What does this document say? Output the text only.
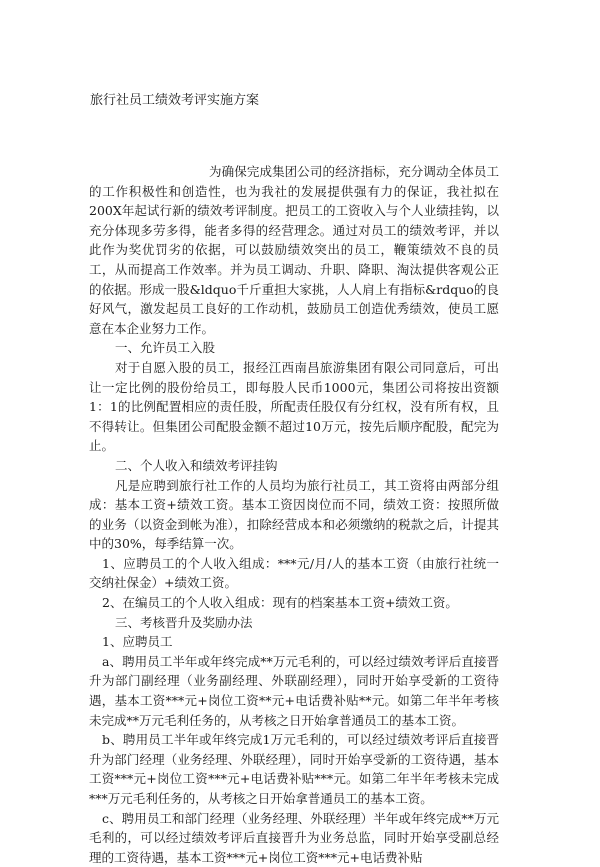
旅行社员工绩效考评实施方案

为确保完成集团公司的经济指标，充分调动全体员工的工作积极性和创造性，也为我社的发展提供强有力的保证，我社拟在200X年起试行新的绩效考评制度。把员工的工资收入与个人业绩挂钩，以充分体现多劳多得，能者多得的经营理念。通过对员工的绩效考评，并以此作为奖优罚劣的依据，可以鼓励绩效突出的员工，鞭策绩效不良的员工，从而提高工作效率。并为员工调动、升职、降职、淘汰提供客观公正的依据。形成一股&ldquo千斤重担大家挑，人人肩上有指标&rdquo的良好风气，激发起员工良好的工作动机，鼓励员工创造优秀绩效，使员工愿意在本企业努力工作。

一、允许员工入股

对于自愿入股的员工，报经江西南昌旅游集团有限公司同意后，可出让一定比例的股份给员工，即每股人民币1000元，集团公司将按出资额1：1的比例配置相应的责任股，所配责任股仅有分红权，没有所有权，且不得转让。但集团公司配股金额不超过10万元，按先后顺序配股，配完为止。

二、个人收入和绩效考评挂钩

凡是应聘到旅行社工作的人员均为旅行社员工，其工资将由两部分组成：基本工资+绩效工资。基本工资因岗位而不同，绩效工资：按照所做的业务（以资金到帐为准），扣除经营成本和必须缴纳的税款之后，计提其中的30%，每季结算一次。

1、应聘员工的个人收入组成：***元/月/人的基本工资（由旅行社统一交纳社保金）+绩效工资。

2、在编员工的个人收入组成：现有的档案基本工资+绩效工资。

三、考核晋升及奖励办法

1、应聘员工

a、聘用员工半年或年终完成**万元毛利的，可以经过绩效考评后直接晋升为部门副经理（业务副经理、外联副经理），同时开始享受新的工资待遇，基本工资***元+岗位工资**元+电话费补贴**元。如第二年半年考核未完成**万元毛利任务的，从考核之日开始拿普通员工的基本工资。

b、聘用员工半年或年终完成1万元毛利的，可以经过绩效考评后直接晋升为部门经理（业务经理、外联经理），同时开始享受新的工资待遇，基本工资***元+岗位工资***元+电话费补贴***元。如第二年半年考核未完成***万元毛利任务的，从考核之日开始拿普通员工的基本工资。

c、聘用员工和部门经理（业务经理、外联经理）半年或年终完成**万元毛利的，可以经过绩效考评后直接晋升为业务总监，同时开始享受副总经理的工资待遇，基本工资***元+岗位工资***元+电话费补贴
